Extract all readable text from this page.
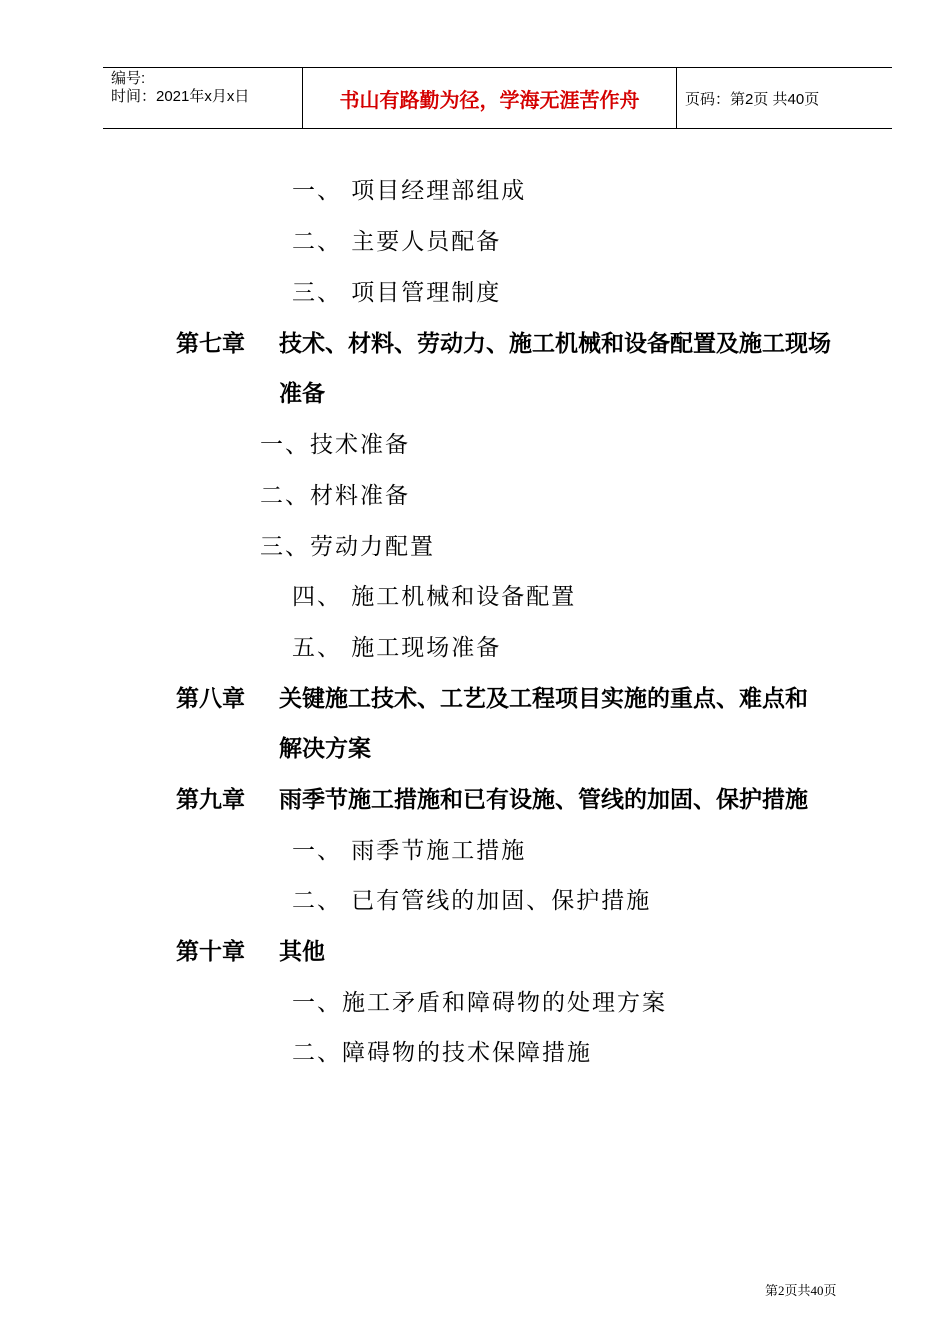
编号:
时间：2021年x月x日	书山有路勤为径，学海无涯苦作舟	页码：第2页 共40页
一、 项目经理部组成
二、 主要人员配备
三、 项目管理制度
第七章 技术、材料、劳动力、施工机械和设备配置及施工现场
准备
一、技术准备
二、材料准备
三、劳动力配置
四、 施工机械和设备配置
五、 施工现场准备
第八章 关键施工技术、工艺及工程项目实施的重点、难点和
解决方案
第九章 雨季节施工措施和已有设施、管线的加固、保护措施
一、 雨季节施工措施
二、 已有管线的加固、保护措施
第十章 其他
一、施工矛盾和障碍物的处理方案
二、障碍物的技术保障措施
第2页共40页
